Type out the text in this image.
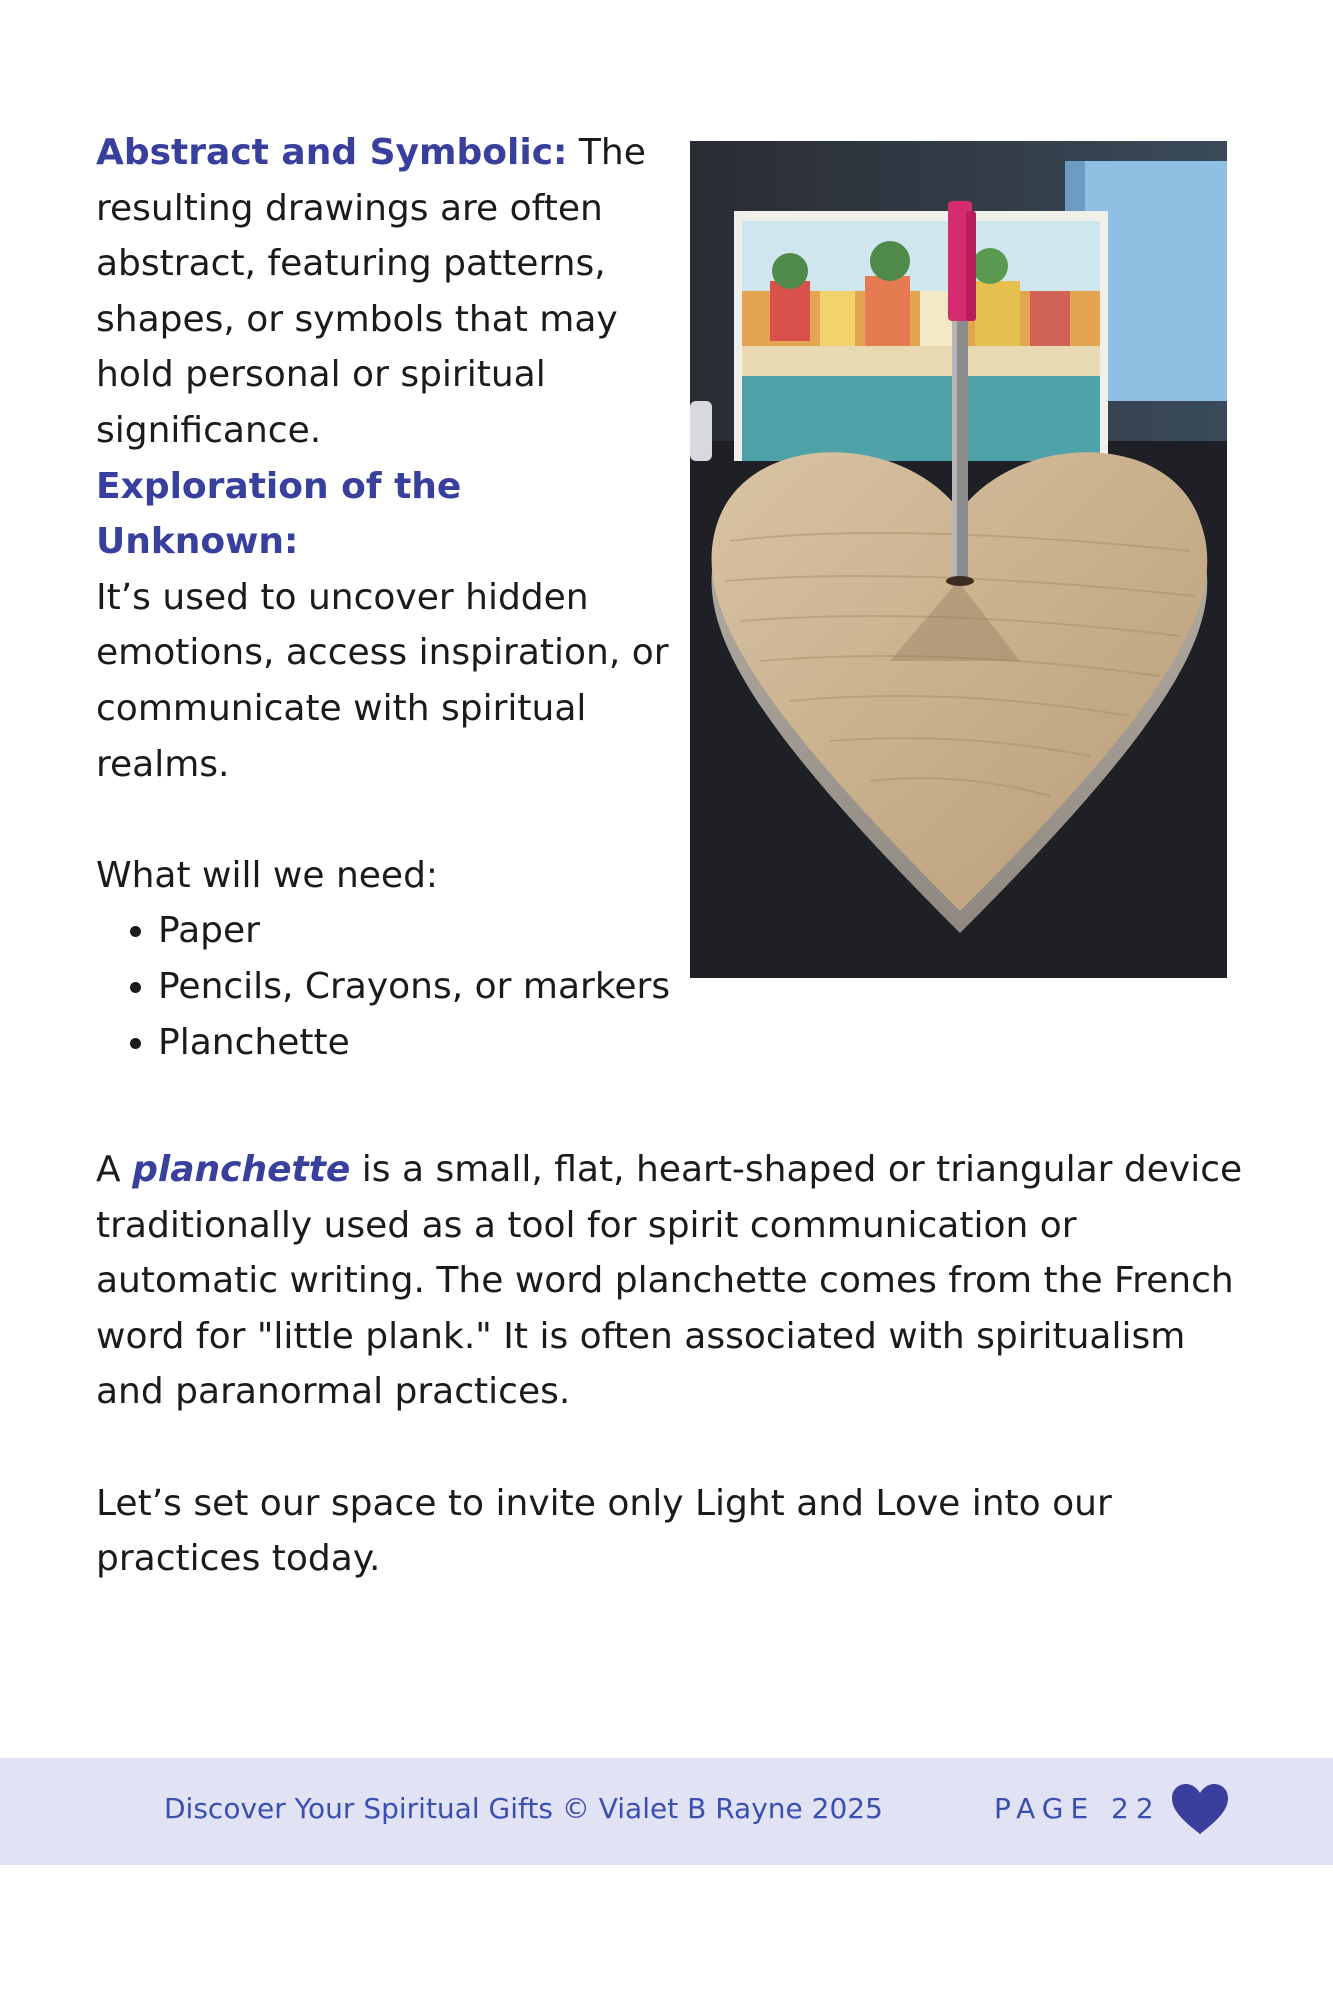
Abstract and Symbolic: The resulting drawings are often abstract, featuring patterns, shapes, or symbols that may hold personal or spiritual significance.

Exploration of the Unknown:

It’s used to uncover hidden emotions, access inspiration, or communicate with spiritual realms.

What will we need:

• Paper
• Pencils, Crayons, or markers
• Planchette

A planchette is a small, flat, heart-shaped or triangular device traditionally used as a tool for spirit communication or automatic writing. The word planchette comes from the French word for "little plank." It is often associated with spiritualism and paranormal practices.

Let’s set our space to invite only Light and Love into our practices today.

Discover Your Spiritual Gifts © Vialet B Rayne 2025	PAGE 22
